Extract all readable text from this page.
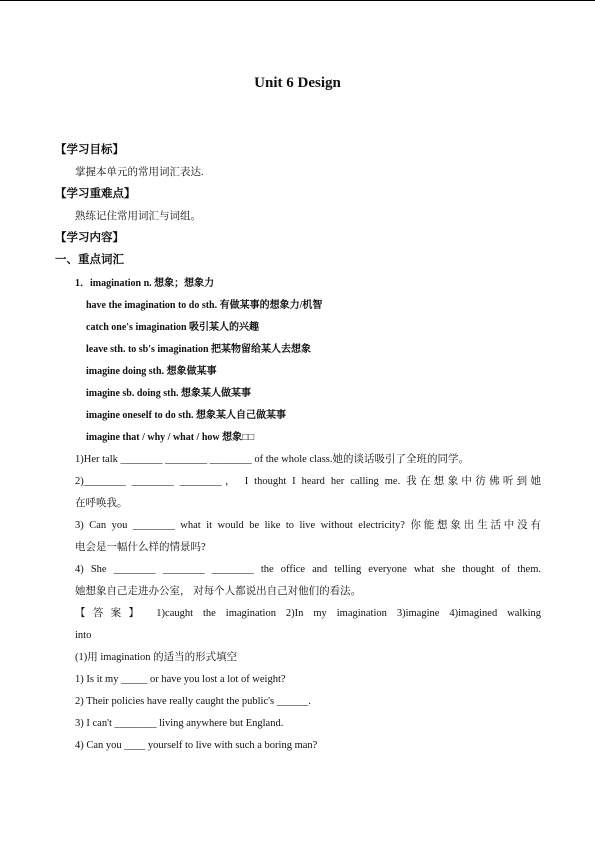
Unit 6 Design
【学习目标】
掌握本单元的常用词汇表达.
【学习重难点】
熟练记住常用词汇与词组。
【学习内容】
一、重点词汇
1．imagination n. 想象；想象力
have the imagination to do sth. 有做某事的想象力/机智
catch one's imagination 吸引某人的兴趣
leave sth. to sb's imagination 把某物留给某人去想象
imagine doing sth. 想象做某事
imagine sb. doing sth. 想象某人做某事
imagine oneself to do sth. 想象某人自己做某事
imagine that / why / what / how 想象□□
1)Her talk ________ ________ ________ of the whole class.她的谈话吸引了全班的同学。
2)________ ________ ________， I thought I heard her calling me. 我在想象中彷佛听到她
在呼唤我。
3) Can you ________ what it would be like to live without electricity? 你能想象出生活中没有
电会是一幅什么样的情景吗?
4) She ________ ________ ________ the office and telling everyone what she thought of them.
她想象自己走进办公室， 对每个人都说出自己对他们的看法。
【答案】 1)caught the imagination 2)In my imagination 3)imagine 4)imagined walking
into
(1)用 imagination 的适当的形式填空
1) Is it my _____ or have you lost a lot of weight?
2) Their policies have really caught the public's ______.
3) I can't ________ living anywhere but England.
4) Can you ____ yourself to live with such a boring man?
